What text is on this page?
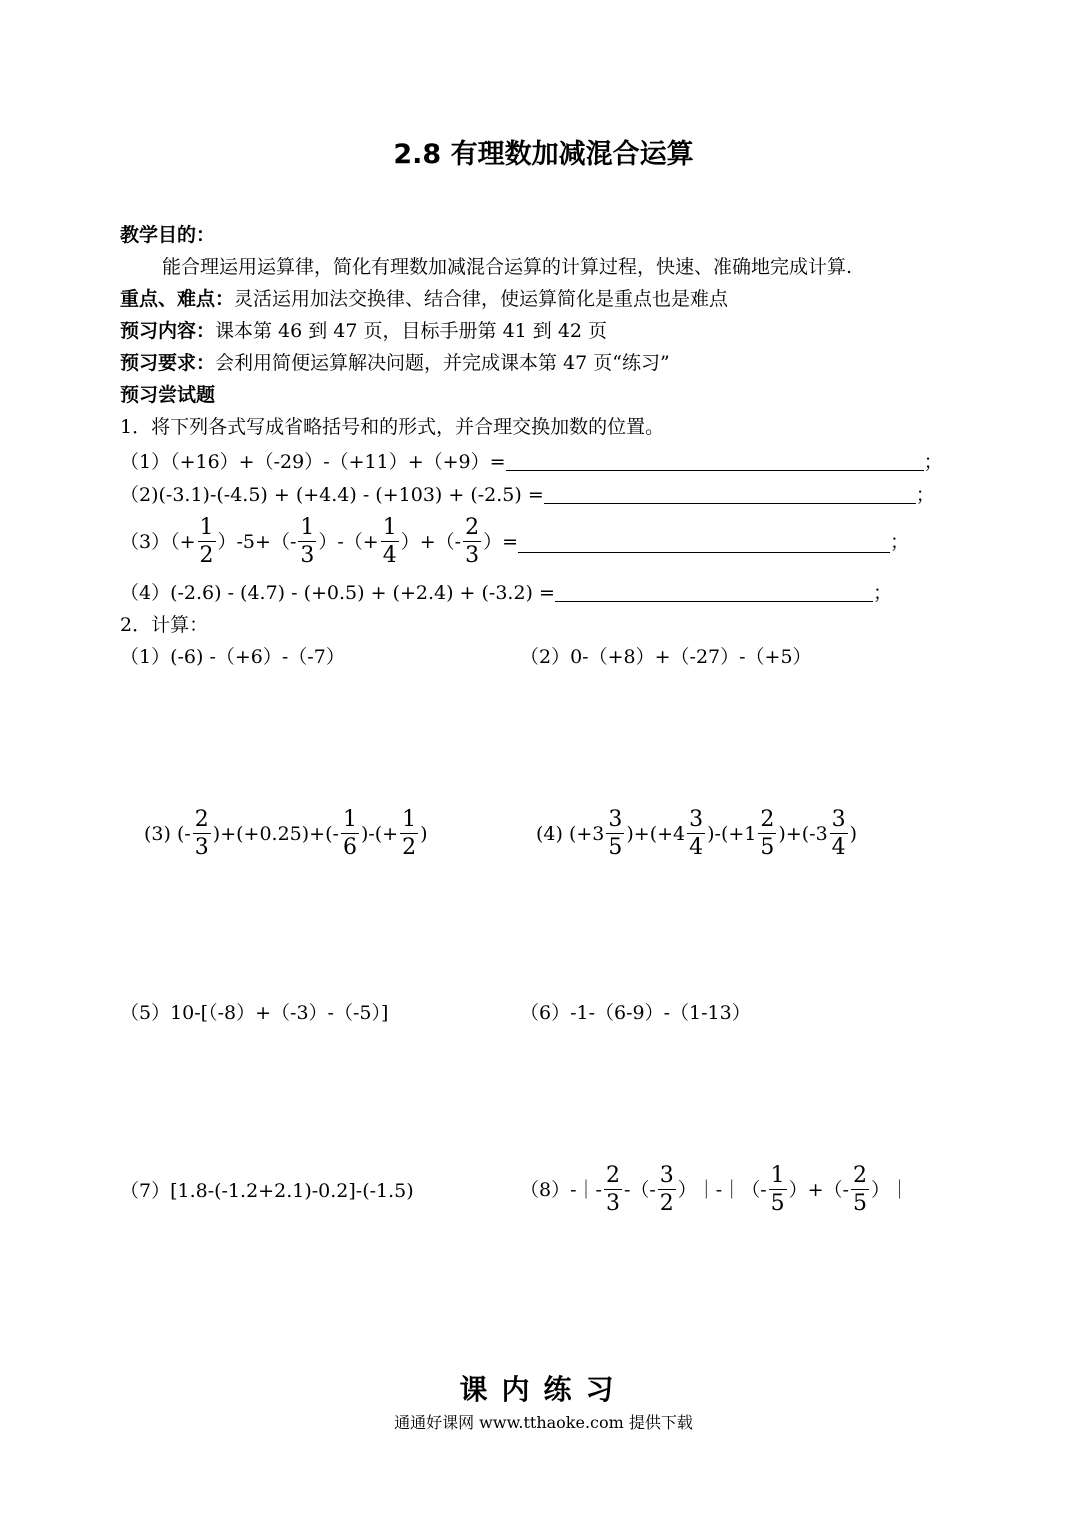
2.8 有理数加减混合运算
教学目的：
能合理运用运算律，简化有理数加减混合运算的计算过程，快速、准确地完成计算.
重点、难点：灵活运用加法交换律、结合律，使运算简化是重点也是难点
预习内容：课本第 46 到 47 页，目标手册第 41 到 42 页
预习要求：会利用简便运算解决问题，并完成课本第 47 页“练习”
预习尝试题
1．将下列各式写成省略括号和的形式，并合理交换加数的位置。
（1）（+16）+（-29）-（+11）+（+9）=	；
（2)(-3.1)-(-4.5) + (+4.4) - (+103) + (-2.5) =	；
$(3)(+ \frac{1}{2} )-5+(- \frac{1}{3}$ ）-（+ $\frac{1}{4}$ ）+（- $\frac{2}{3}$ ）=	；
（4）(-2.6) - (4.7) - (+0.5) + (+2.4) + (-3.2) =	；
2．计算：
（1）(-6) -（+6）-（-7）	（2）0-（+8）+（-27）-（+5）
(3) (- $\frac{2}{3} )+(+0.25)+(- \frac{1}{6}$ )-(+ $\frac{1}{2}$ )	(4) $(+3 \frac{3}{5} )+(+4 \frac{3}{4} )-(+1 \frac{2}{5} )+(-3 \frac{3}{4}$ )
（5）10-[（-8）+（-3）-（-5）]	（6）-1-（6-9）-（1-13）
（7）[1.8-(-1.2+2.1)-0.2]-(-1.5)	（8）-｜- $\frac{2}{3}$ -（- $\frac{3}{2}$ ）｜-｜（- $\frac{1}{5}$ ）+（- $\frac{2}{5}$ ）｜
课内练习
通通好课网 www.tthaoke.com 提供下载
